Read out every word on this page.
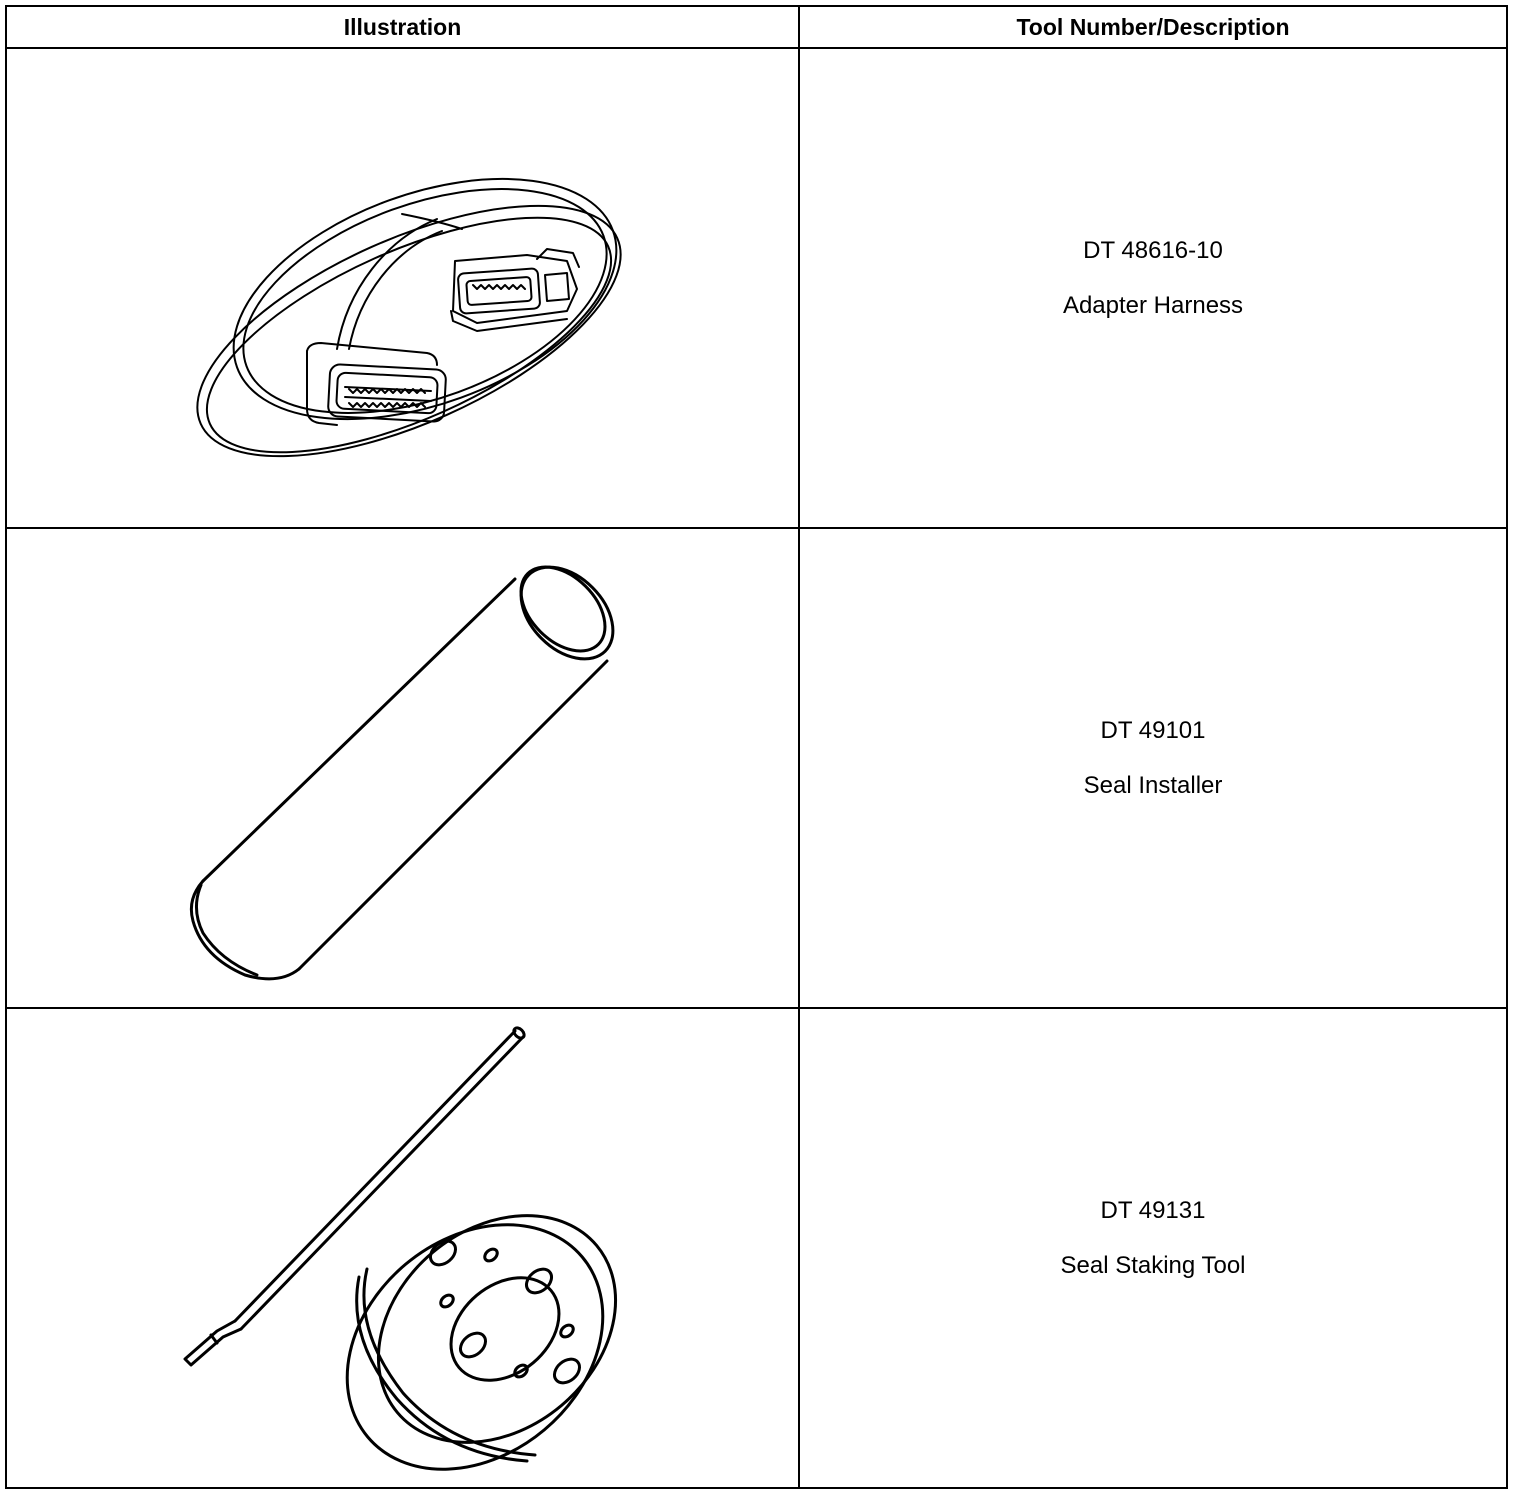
Illustration	Tool Number/Description

DT 48616-10
Adapter Harness

DT 49101
Seal Installer

DT 49131
Seal Staking Tool
